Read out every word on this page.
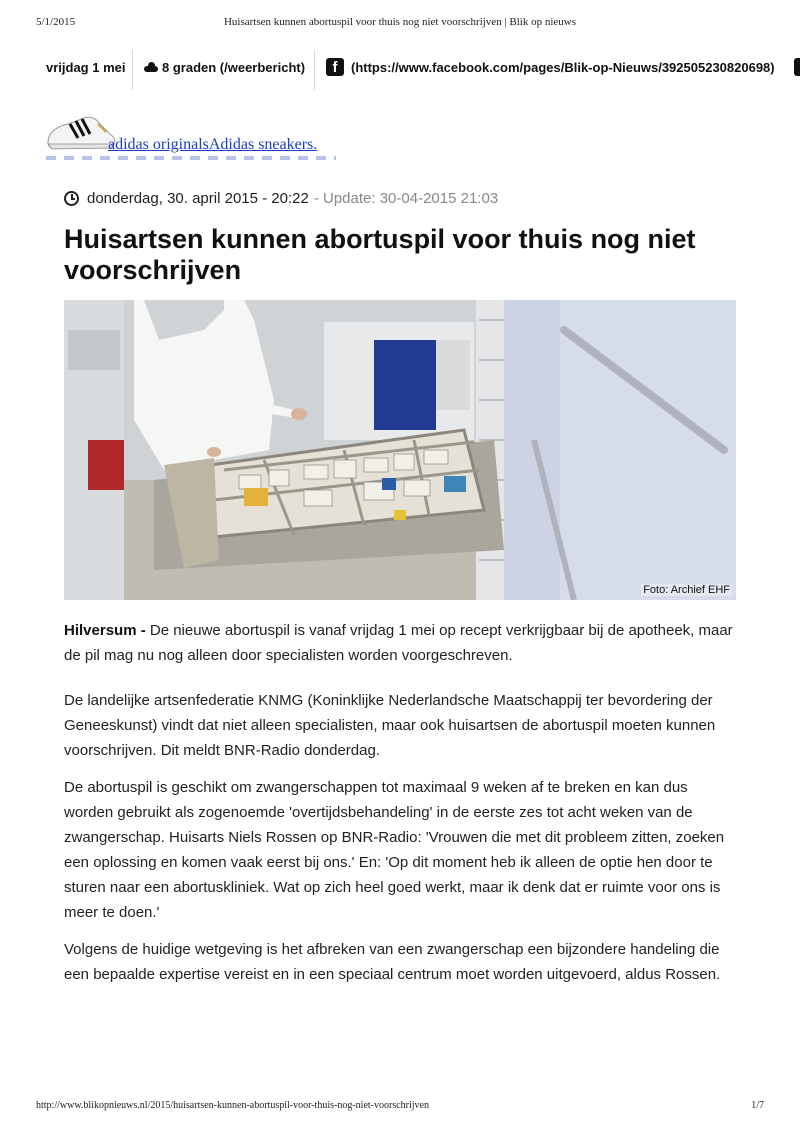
5/1/2015	Huisartsen kunnen abortuspil voor thuis nog niet voorschrijven | Blik op nieuws
vrijdag 1 mei	8 graden (/weerbericht)	f	(https://www.facebook.com/pages/Blik-op-Nieuws/392505230820698)
adidas originalsAdidas sneakers.
donderdag, 30. april 2015 - 20:22 - Update: 30-04-2015 21:03
Huisartsen kunnen abortuspil voor thuis nog niet voorschrijven
Foto: Archief EHF

Hilversum - De nieuwe abortuspil is vanaf vrijdag 1 mei op recept verkrijgbaar bij de apotheek, maar de pil mag nu nog alleen door specialisten worden voorgeschreven.

De landelijke artsenfederatie KNMG (Koninklijke Nederlandsche Maatschappij ter bevordering der Geneeskunst) vindt dat niet alleen specialisten, maar ook huisartsen de abortuspil moeten kunnen voorschrijven. Dit meldt BNR-Radio donderdag.

De abortuspil is geschikt om zwangerschappen tot maximaal 9 weken af te breken en kan dus worden gebruikt als zogenoemde 'overtijdsbehandeling' in de eerste zes tot acht weken van de zwangerschap. Huisarts Niels Rossen op BNR-Radio: 'Vrouwen die met dit probleem zitten, zoeken een oplossing en komen vaak eerst bij ons.' En: 'Op dit moment heb ik alleen de optie hen door te sturen naar een abortuskliniek. Wat op zich heel goed werkt, maar ik denk dat er ruimte voor ons is meer te doen.'

Volgens de huidige wetgeving is het afbreken van een zwangerschap een bijzondere handeling die een bepaalde expertise vereist en in een speciaal centrum moet worden uitgevoerd, aldus Rossen.

http://www.blikopnieuws.nl/2015/huisartsen-kunnen-abortuspil-voor-thuis-nog-niet-voorschrijven	1/7
